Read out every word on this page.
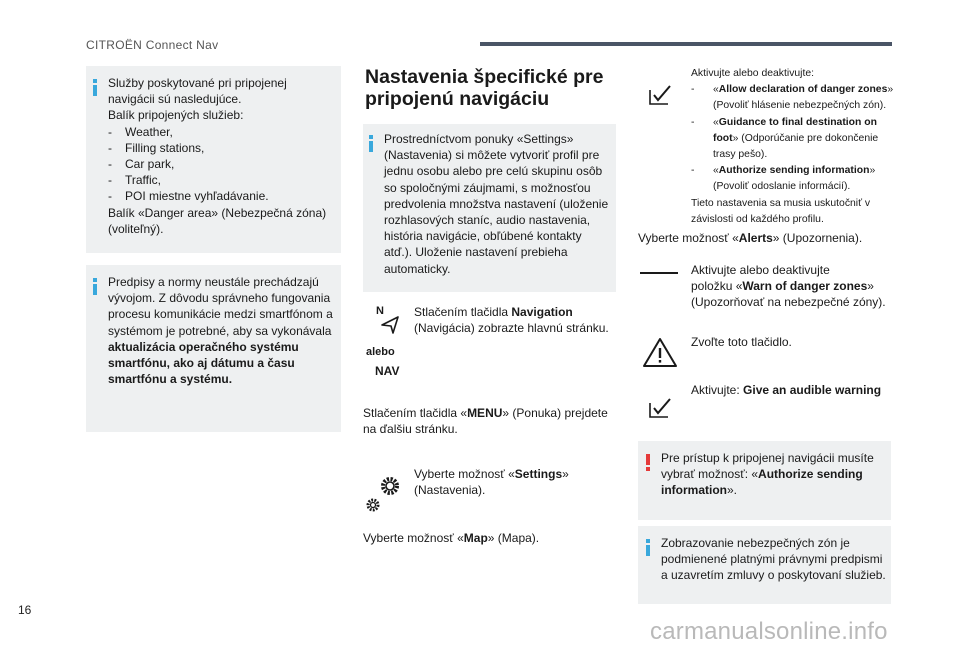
CITROËN Connect Nav

Služby poskytované pri pripojenej

navigácii sú nasledujúce.

Balík pripojených služieb:

- Weather,

- Filling stations,

- Car park,

- Traffic,

- POI miestne vyhľadávanie.

Balík «Danger area» (Nebezpečná zóna)

(voliteľný).

Predpisy a normy neustále prechádzajú

vývojom. Z dôvodu správneho fungovania

procesu komunikácie medzi smartfónom a

systémom je potrebné, aby sa vykonávala

aktualizácia operačného systému

smartfónu, ako aj dátumu a času

smartfónu a systému.

Nastavenia špecifické pre
pripojenú navigáciu

Prostredníctvom ponuky «Settings»

(Nastavenia) si môžete vytvoriť profil pre

jednu osobu alebo pre celú skupinu osôb

so spoločnými záujmami, s možnosťou

predvolenia množstva nastavení (uloženie

rozhlasových staníc, audio nastavenia,

história navigácie, obľúbené kontakty

atď.). Uloženie nastavení prebieha

automaticky.

N
alebo
NAV

Stlačením tlačidla Navigation

(Navigácia) zobrazte hlavnú stránku.

Stlačením tlačidla «MENU» (Ponuka) prejdete

na ďalšiu stránku.

Vyberte možnosť «Settings»

(Nastavenia).

Vyberte možnosť «Map» (Mapa).

Aktivujte alebo deaktivujte:

-	«Allow declaration of danger zones»
(Povoliť hlásenie nebezpečných zón).
-	«Guidance to final destination on
foot» (Odporúčanie pre dokončenie
trasy pešo).
-	«Authorize sending information»
(Povoliť odoslanie informácií).

Tieto nastavenia sa musia uskutočniť v

závislosti od každého profilu.

Vyberte možnosť «Alerts» (Upozornenia).

Aktivujte alebo deaktivujte

položku «Warn of danger zones»

(Upozorňovať na nebezpečné zóny).

Zvoľte toto tlačidlo.

Aktivujte: Give an audible warning

Pre prístup k pripojenej navigácii musíte

vybrať možnosť: «Authorize sending

information».

Zobrazovanie nebezpečných zón je

podmienené platnými právnymi predpismi

a uzavretím zmluvy o poskytovaní služieb.

16
carmanualsonline.info
